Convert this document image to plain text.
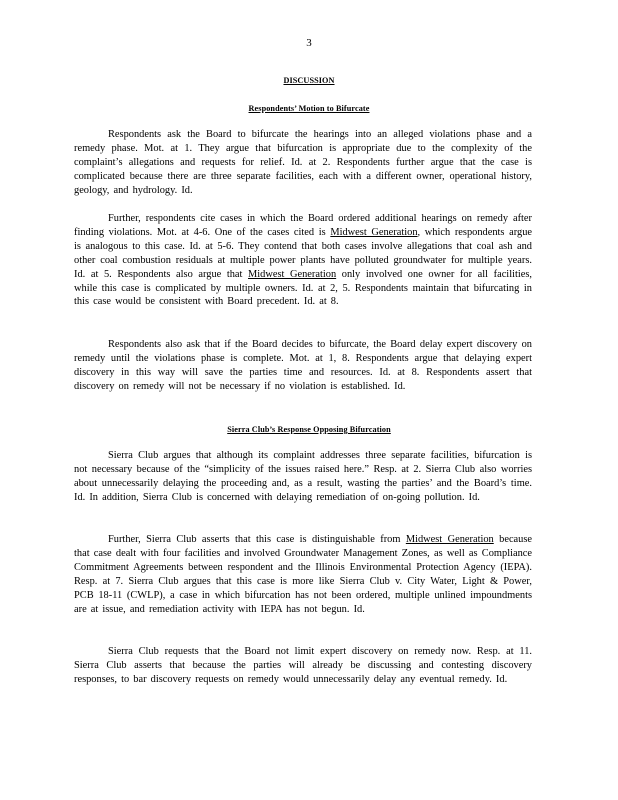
3
DISCUSSION
Respondents’ Motion to Bifurcate

Respondents ask the Board to bifurcate the hearings into an alleged violations phase and a remedy phase. Mot. at 1. They argue that bifurcation is appropriate due to the complexity of the complaint’s allegations and requests for relief. Id. at 2. Respondents further argue that the case is complicated because there are three separate facilities, each with a different owner, operational history, geology, and hydrology. Id.

Further, respondents cite cases in which the Board ordered additional hearings on remedy after finding violations. Mot. at 4-6. One of the cases cited is Midwest Generation, which respondents argue is analogous to this case. Id. at 5-6. They contend that both cases involve allegations that coal ash and other coal combustion residuals at multiple power plants have polluted groundwater for multiple years. Id. at 5. Respondents also argue that Midwest Generation only involved one owner for all facilities, while this case is complicated by multiple owners. Id. at 2, 5. Respondents maintain that bifurcating in this case would be consistent with Board precedent. Id. at 8.

Respondents also ask that if the Board decides to bifurcate, the Board delay expert discovery on remedy until the violations phase is complete. Mot. at 1, 8. Respondents argue that delaying expert discovery in this way will save the parties time and resources. Id. at 8. Respondents assert that discovery on remedy will not be necessary if no violation is established. Id.

Sierra Club’s Response Opposing Bifurcation

Sierra Club argues that although its complaint addresses three separate facilities, bifurcation is not necessary because of the “simplicity of the issues raised here.” Resp. at 2. Sierra Club also worries about unnecessarily delaying the proceeding and, as a result, wasting the parties’ and the Board’s time. Id. In addition, Sierra Club is concerned with delaying remediation of on-going pollution. Id.

Further, Sierra Club asserts that this case is distinguishable from Midwest Generation because that case dealt with four facilities and involved Groundwater Management Zones, as well as Compliance Commitment Agreements between respondent and the Illinois Environmental Protection Agency (IEPA). Resp. at 7. Sierra Club argues that this case is more like Sierra Club v. City Water, Light & Power, PCB 18-11 (CWLP), a case in which bifurcation has not been ordered, multiple unlined impoundments are at issue, and remediation activity with IEPA has not begun. Id.

Sierra Club requests that the Board not limit expert discovery on remedy now. Resp. at 11. Sierra Club asserts that because the parties will already be discussing and contesting discovery responses, to bar discovery requests on remedy would unnecessarily delay any eventual remedy. Id.
